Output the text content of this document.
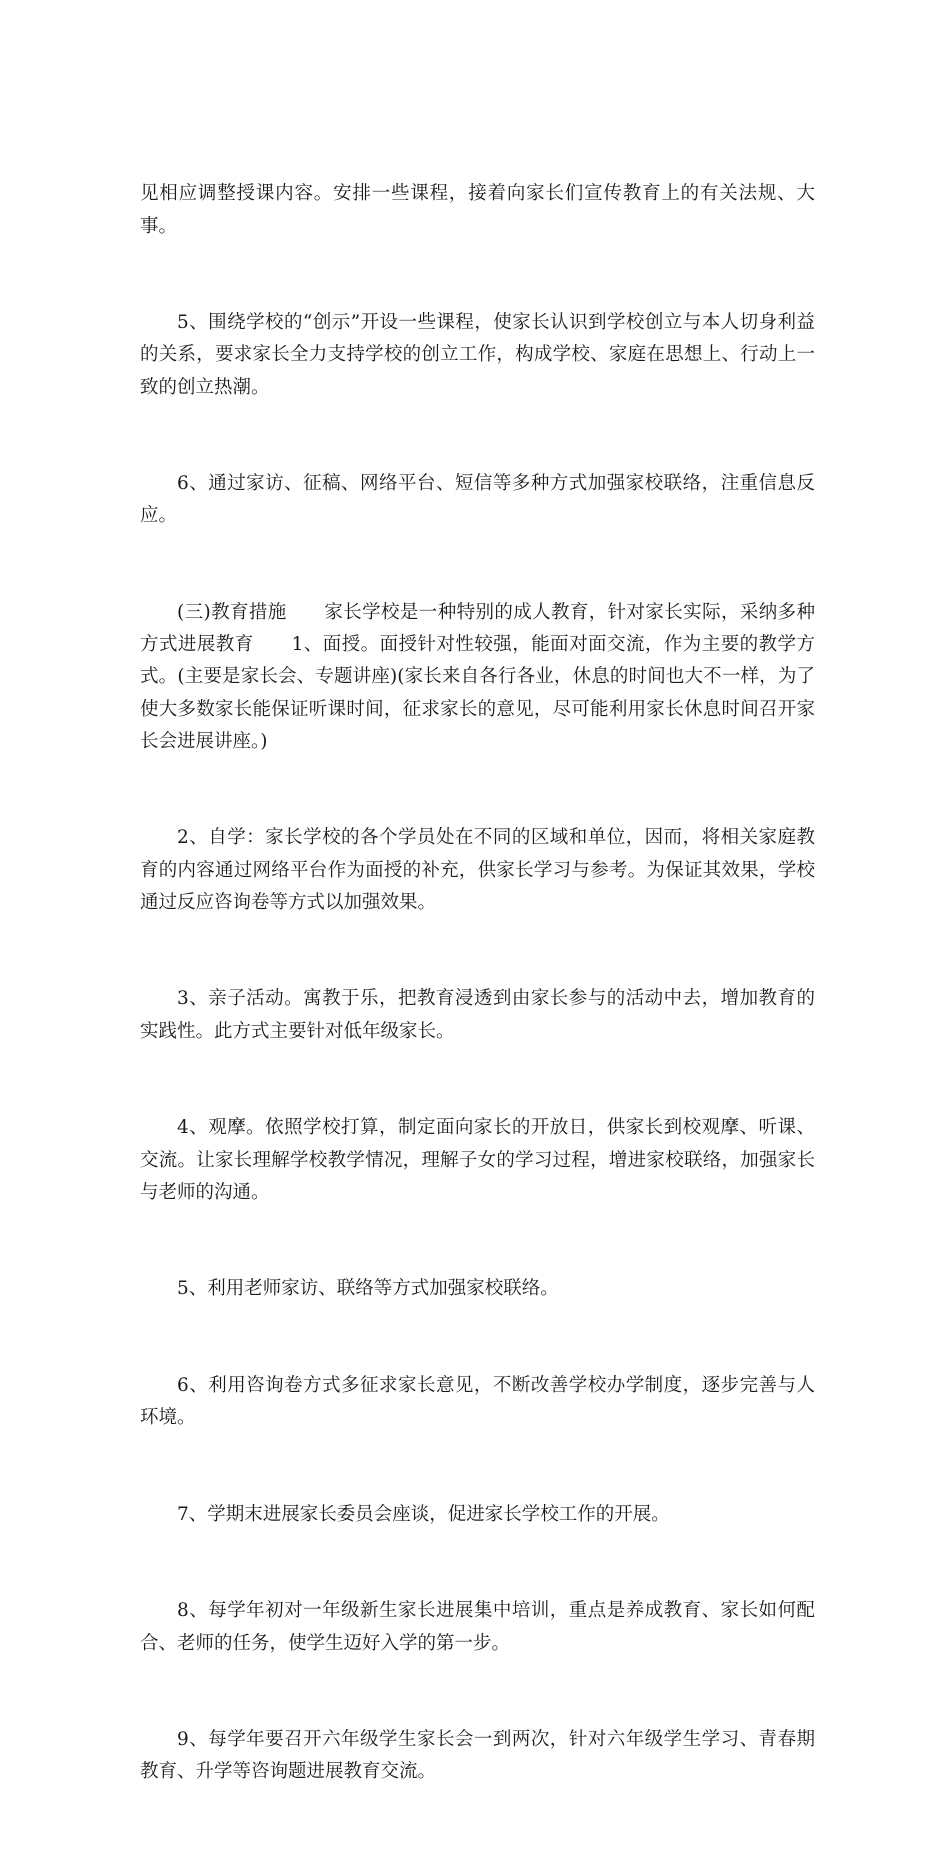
见相应调整授课内容。安排一些课程，接着向家长们宣传教育上的有关法规、大事。

5、围绕学校的“创示”开设一些课程，使家长认识到学校创立与本人切身利益的关系，要求家长全力支持学校的创立工作，构成学校、家庭在思想上、行动上一致的创立热潮。

6、通过家访、征稿、网络平台、短信等多种方式加强家校联络，注重信息反应。

(三)教育措施　　家长学校是一种特别的成人教育，针对家长实际，采纳多种方式进展教育　　1、面授。面授针对性较强，能面对面交流，作为主要的教学方式。(主要是家长会、专题讲座)(家长来自各行各业，休息的时间也大不一样，为了使大多数家长能保证听课时间，征求家长的意见，尽可能利用家长休息时间召开家长会进展讲座。)

2、自学：家长学校的各个学员处在不同的区域和单位，因而，将相关家庭教育的内容通过网络平台作为面授的补充，供家长学习与参考。为保证其效果，学校通过反应咨询卷等方式以加强效果。

3、亲子活动。寓教于乐，把教育浸透到由家长参与的活动中去，增加教育的实践性。此方式主要针对低年级家长。

4、观摩。依照学校打算，制定面向家长的开放日，供家长到校观摩、听课、交流。让家长理解学校教学情况，理解子女的学习过程，增进家校联络，加强家长与老师的沟通。

5、利用老师家访、联络等方式加强家校联络。

6、利用咨询卷方式多征求家长意见，不断改善学校办学制度，逐步完善与人环境。

7、学期末进展家长委员会座谈，促进家长学校工作的开展。

8、每学年初对一年级新生家长进展集中培训，重点是养成教育、家长如何配合、老师的任务，使学生迈好入学的第一步。

9、每学年要召开六年级学生家长会一到两次，针对六年级学生学习、青春期教育、升学等咨询题进展教育交流。
